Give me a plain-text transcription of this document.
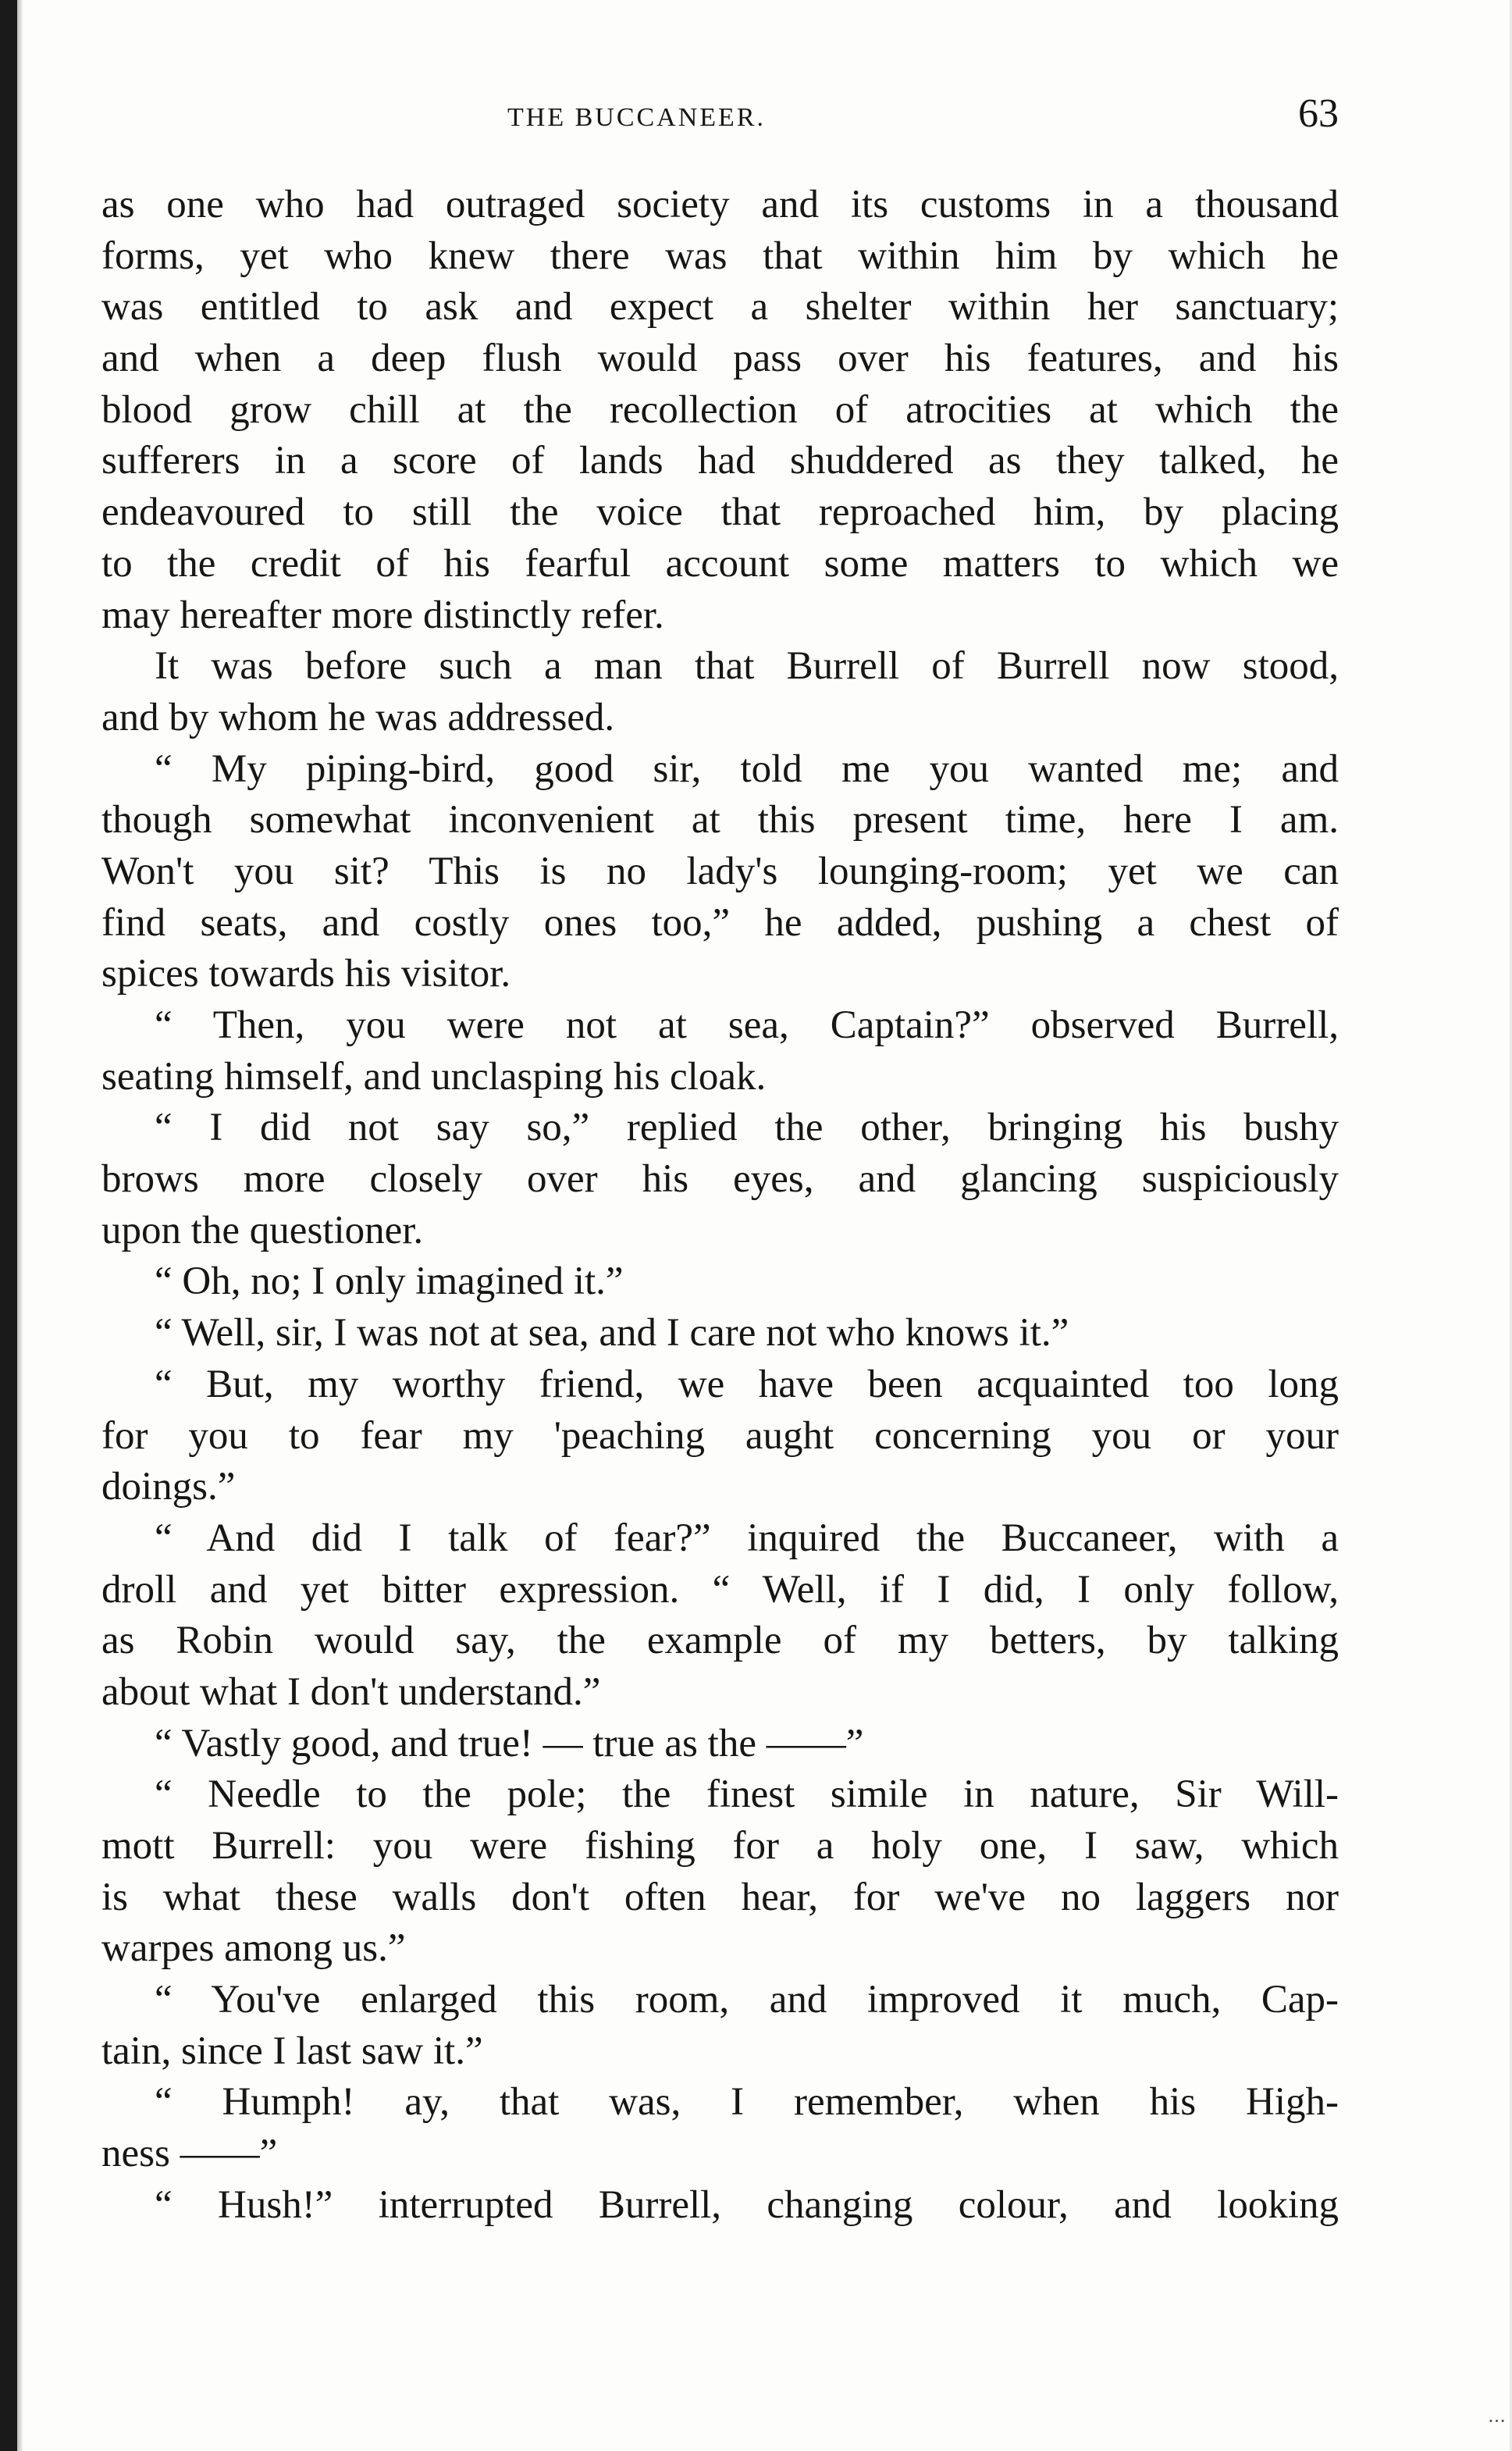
THE BUCCANEER.	63
as one who had outraged society and its customs in a thousand
forms, yet who knew there was that within him by which he
was entitled to ask and expect a shelter within her sanctuary;
and when a deep flush would pass over his features, and his
blood grow chill at the recollection of atrocities at which the
sufferers in a score of lands had shuddered as they talked, he
endeavoured to still the voice that reproached him, by placing
to the credit of his fearful account some matters to which we
may hereafter more distinctly refer.
It was before such a man that Burrell of Burrell now stood,
and by whom he was addressed.
“ My piping-bird, good sir, told me you wanted me; and
though somewhat inconvenient at this present time, here I am.
Won't you sit? This is no lady's lounging-room; yet we can
find seats, and costly ones too,” he added, pushing a chest of
spices towards his visitor.
“ Then, you were not at sea, Captain?” observed Burrell,
seating himself, and unclasping his cloak.
“ I did not say so,” replied the other, bringing his bushy
brows more closely over his eyes, and glancing suspiciously
upon the questioner.
“ Oh, no; I only imagined it.”
“ Well, sir, I was not at sea, and I care not who knows it.”
“ But, my worthy friend, we have been acquainted too long
for you to fear my 'peaching aught concerning you or your
doings.”
“ And did I talk of fear?” inquired the Buccaneer, with a
droll and yet bitter expression. “ Well, if I did, I only follow,
as Robin would say, the example of my betters, by talking
about what I don't understand.”
“ Vastly good, and true! — true as the ——”
“ Needle to the pole; the finest simile in nature, Sir Will-
mott Burrell: you were fishing for a holy one, I saw, which
is what these walls don't often hear, for we've no laggers nor
warpes among us.”
“ You've enlarged this room, and improved it much, Cap-
tain, since I last saw it.”
“ Humph! ay, that was, I remember, when his High-
ness ——”
“ Hush!” interrupted Burrell, changing colour, and looking
···
